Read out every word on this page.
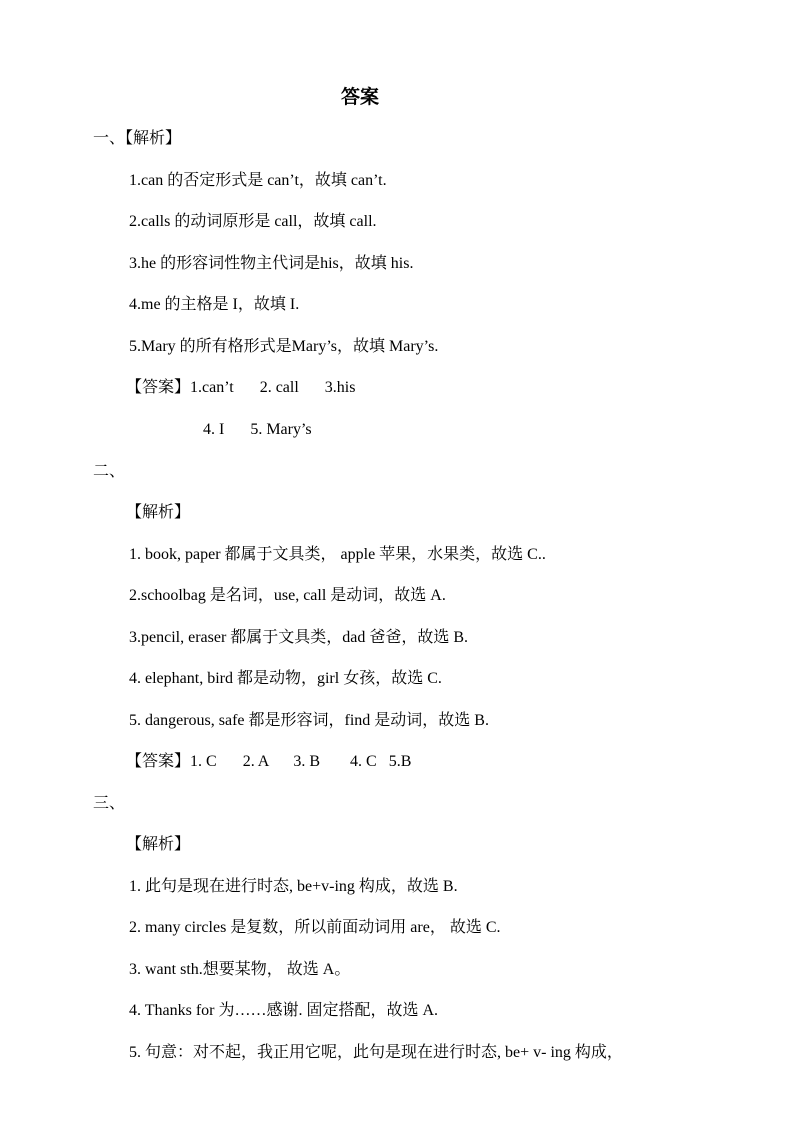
答案
一、【解析】
1.can 的否定形式是 can’t，故填 can’t.
2.calls 的动词原形是 call，故填 call.
3.he 的形容词性物主代词是his，故填 his.
4.me 的主格是 I，故填 I.
5.Mary 的所有格形式是Mary’s，故填 Mary’s.
【答案】1.can’t 2. call 3.his
4. I 5. Mary’s
二、
【解析】
1. book, paper 都属于文具类， apple 苹果，水果类，故选 C..
2.schoolbag 是名词，use, call 是动词，故选 A.
3.pencil, eraser 都属于文具类，dad 爸爸，故选 B.
4. elephant, bird 都是动物，girl 女孩，故选 C.
5. dangerous, safe 都是形容词，find 是动词，故选 B.
【答案】1. C 2. A 3. B 4. C 5.B
三、
【解析】
1. 此句是现在进行时态, be+v-ing 构成，故选 B.
2. many circles 是复数，所以前面动词用 are， 故选 C.
3. want sth.想要某物， 故选 A。
4. Thanks for 为……感谢. 固定搭配，故选 A.
5. 句意：对不起，我正用它呢，此句是现在进行时态, be+ v- ing 构成，
